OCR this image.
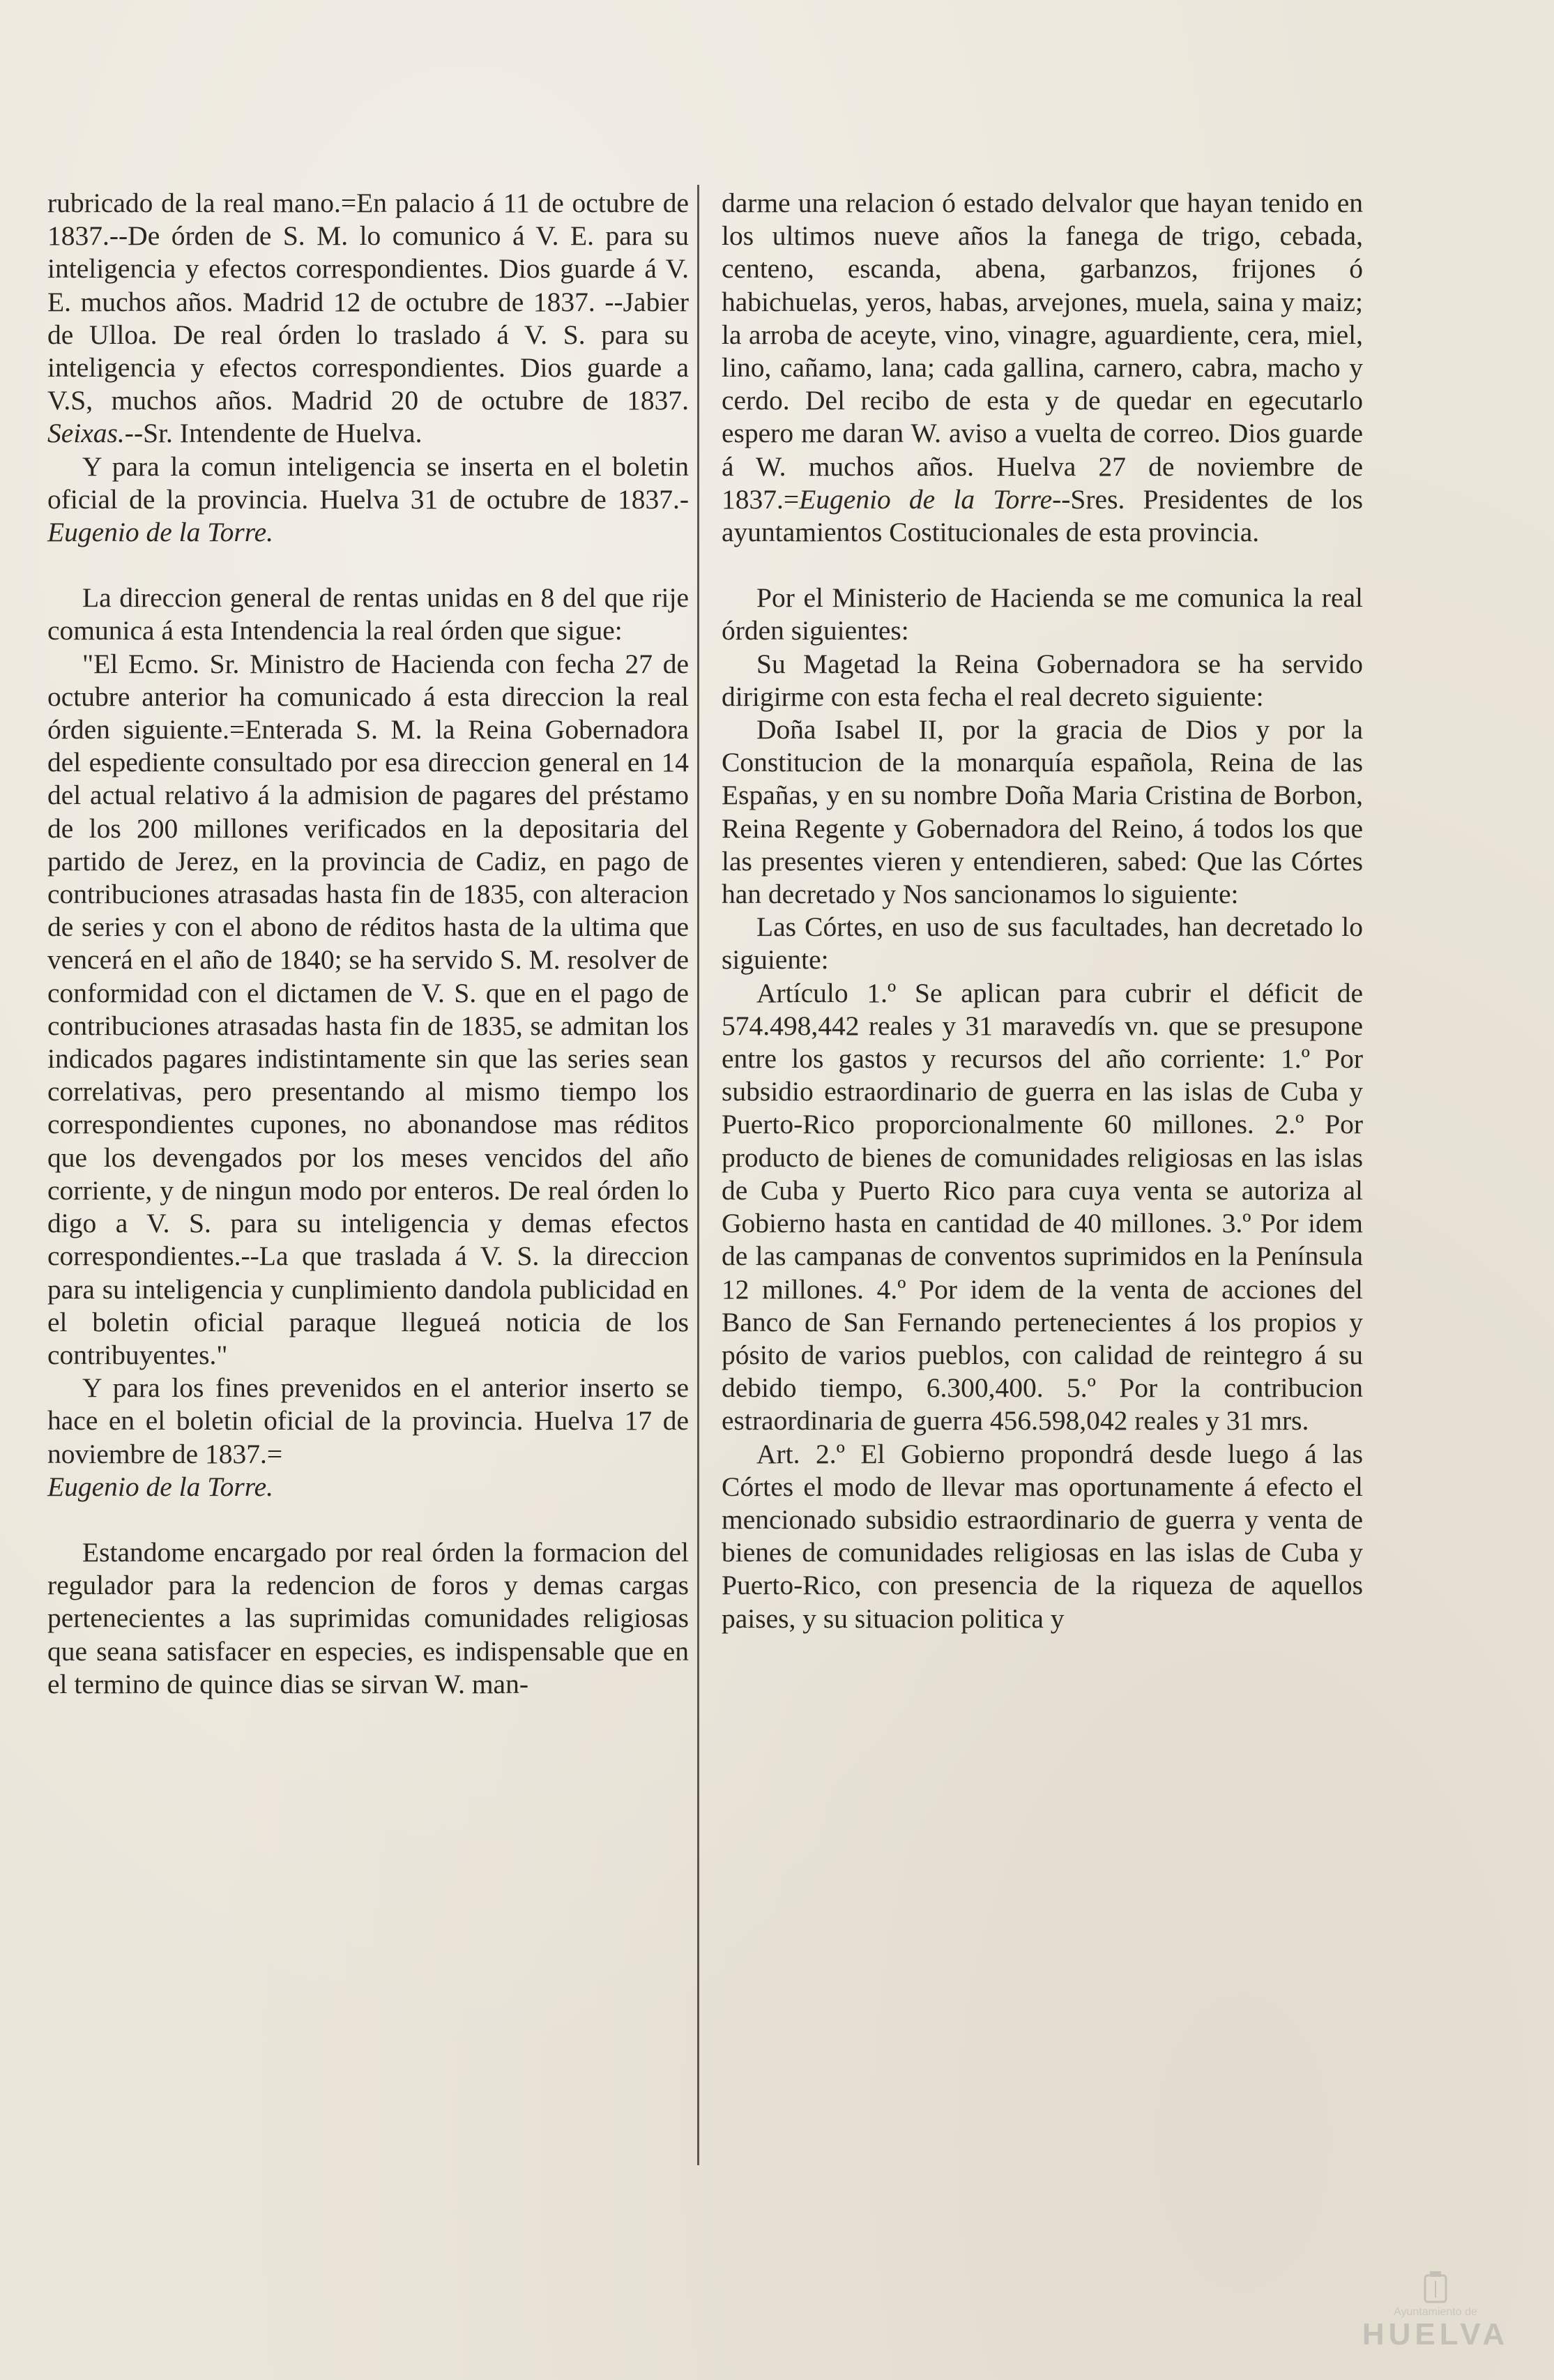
rubricado de la real mano.=En palacio á 11 de octubre de 1837.--De órden de S. M. lo comunico á V. E. para su inteligencia y efectos correspondientes. Dios guarde á V. E. muchos años. Madrid 12 de octubre de 1837. --Jabier de Ulloa. De real órden lo traslado á V. S. para su inteligencia y efectos correspondientes. Dios guarde a V.S, muchos años. Madrid 20 de octubre de 1837. Seixas.--Sr. Intendente de Huelva.

Y para la comun inteligencia se inserta en el boletin oficial de la provincia. Huelva 31 de octubre de 1837.- Eugenio de la Torre.

La direccion general de rentas unidas en 8 del que rije comunica á esta Intendencia la real órden que sigue:

"El Ecmo. Sr. Ministro de Hacienda con fecha 27 de octubre anterior ha comunicado á esta direccion la real órden siguiente.=Enterada S. M. la Reina Gobernadora del espediente consultado por esa direccion general en 14 del actual relativo á la admision de pagares del préstamo de los 200 millones verificados en la depositaria del partido de Jerez, en la provincia de Cadiz, en pago de contribuciones atrasadas hasta fin de 1835, con alteracion de series y con el abono de réditos hasta de la ultima que vencerá en el año de 1840; se ha servido S. M. resolver de conformidad con el dictamen de V. S. que en el pago de contribuciones atrasadas hasta fin de 1835, se admitan los indicados pagares indistintamente sin que las series sean correlativas, pero presentando al mismo tiempo los correspondientes cupones, no abonandose mas réditos que los devengados por los meses vencidos del año corriente, y de ningun modo por enteros. De real órden lo digo a V. S. para su inteligencia y demas efectos correspondientes.--La que traslada á V. S. la direccion para su inteligencia y cunplimiento dandola publicidad en el boletin oficial paraque llegueá noticia de los contribuyentes."

Y para los fines prevenidos en el anterior inserto se hace en el boletin oficial de la provincia. Huelva 17 de noviembre de 1837.=
Eugenio de la Torre.

Estandome encargado por real órden la formacion del regulador para la redencion de foros y demas cargas pertenecientes a las suprimidas comunidades religiosas que seana satisfacer en especies, es indispensable que en el termino de quince dias se sirvan W. man-

darme una relacion ó estado delvalor que hayan tenido en los ultimos nueve años la fanega de trigo, cebada, centeno, escanda, abena, garbanzos, frijones ó habichuelas, yeros, habas, arvejones, muela, saina y maiz; la arroba de aceyte, vino, vinagre, aguardiente, cera, miel, lino, cañamo, lana; cada gallina, carnero, cabra, macho y cerdo. Del recibo de esta y de quedar en egecutarlo espero me daran W. aviso a vuelta de correo. Dios guarde á W. muchos años. Huelva 27 de noviembre de 1837.=Eugenio de la Torre--Sres. Presidentes de los ayuntamientos Costitucionales de esta provincia.

Por el Ministerio de Hacienda se me comunica la real órden siguientes:

Su Magetad la Reina Gobernadora se ha servido dirigirme con esta fecha el real decreto siguiente:

Doña Isabel II, por la gracia de Dios y por la Constitucion de la monarquía española, Reina de las Españas, y en su nombre Doña Maria Cristina de Borbon, Reina Regente y Gobernadora del Reino, á todos los que las presentes vieren y entendieren, sabed: Que las Córtes han decretado y Nos sancionamos lo siguiente:

Las Córtes, en uso de sus facultades, han decretado lo siguiente:

Artículo 1.º Se aplican para cubrir el déficit de 574.498,442 reales y 31 maravedís vn. que se presupone entre los gastos y recursos del año corriente: 1.º Por subsidio estraordinario de guerra en las islas de Cuba y Puerto-Rico proporcionalmente 60 millones. 2.º Por producto de bienes de comunidades religiosas en las islas de Cuba y Puerto Rico para cuya venta se autoriza al Gobierno hasta en cantidad de 40 millones. 3.º Por idem de las campanas de conventos suprimidos en la Península 12 millones. 4.º Por idem de la venta de acciones del Banco de San Fernando pertenecientes á los propios y pósito de varios pueblos, con calidad de reintegro á su debido tiempo, 6.300,400. 5.º Por la contribucion estraordinaria de guerra 456.598,042 reales y 31 mrs.

Art. 2.º El Gobierno propondrá desde luego á las Córtes el modo de llevar mas oportunamente á efecto el mencionado subsidio estraordinario de guerra y venta de bienes de comunidades religiosas en las islas de Cuba y Puerto-Rico, con presencia de la riqueza de aquellos paises, y su situacion politica y

Ayuntamiento de
HUELVA
